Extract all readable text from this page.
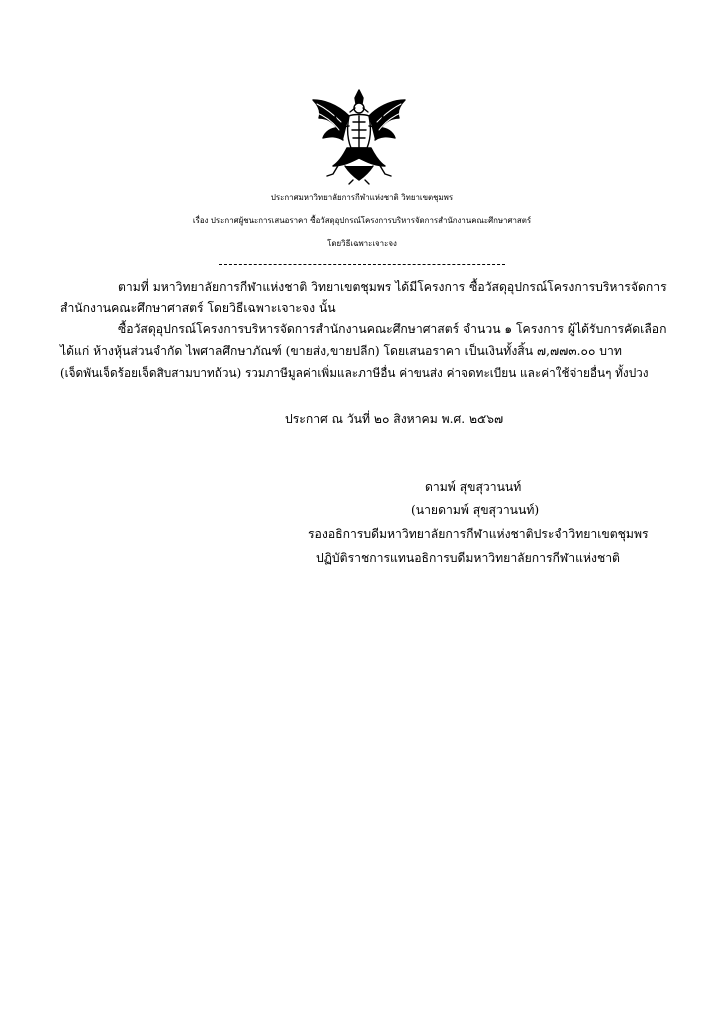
ประกาศมหาวิทยาลัยการกีฬาแห่งชาติ วิทยาเขตชุมพร
เรื่อง ประกาศผู้ชนะการเสนอราคา ซื้อวัสดุอุปกรณ์โครงการบริหารจัดการสำนักงานคณะศึกษาศาสตร์
โดยวิธีเฉพาะเจาะจง
ตามที่ มหาวิทยาลัยการกีฬาแห่งชาติ วิทยาเขตชุมพร ได้มีโครงการ ซื้อวัสดุอุปกรณ์โครงการบริหารจัดการ
สำนักงานคณะศึกษาศาสตร์ โดยวิธีเฉพาะเจาะจง นั้น
ซื้อวัสดุอุปกรณ์โครงการบริหารจัดการสำนักงานคณะศึกษาศาสตร์ จำนวน ๑ โครงการ ผู้ได้รับการคัดเลือก
ได้แก่ ห้างหุ้นส่วนจำกัด ไพศาลศึกษาภัณฑ์ (ขายส่ง,ขายปลีก) โดยเสนอราคา เป็นเงินทั้งสิ้น ๗,๗๗๓.๐๐ บาท
(เจ็ดพันเจ็ดร้อยเจ็ดสิบสามบาทถ้วน) รวมภาษีมูลค่าเพิ่มและภาษีอื่น ค่าขนส่ง ค่าจดทะเบียน และค่าใช้จ่ายอื่นๆ ทั้งปวง
ประกาศ ณ วันที่ ๒๐ สิงหาคม พ.ศ. ๒๕๖๗
ดามพ์ สุขสุวานนท์
(นายดามพ์ สุขสุวานนท์)
รองอธิการบดีมหาวิทยาลัยการกีฬาแห่งชาติประจำวิทยาเขตชุมพร
ปฏิบัติราชการแทนอธิการบดีมหาวิทยาลัยการกีฬาแห่งชาติ
